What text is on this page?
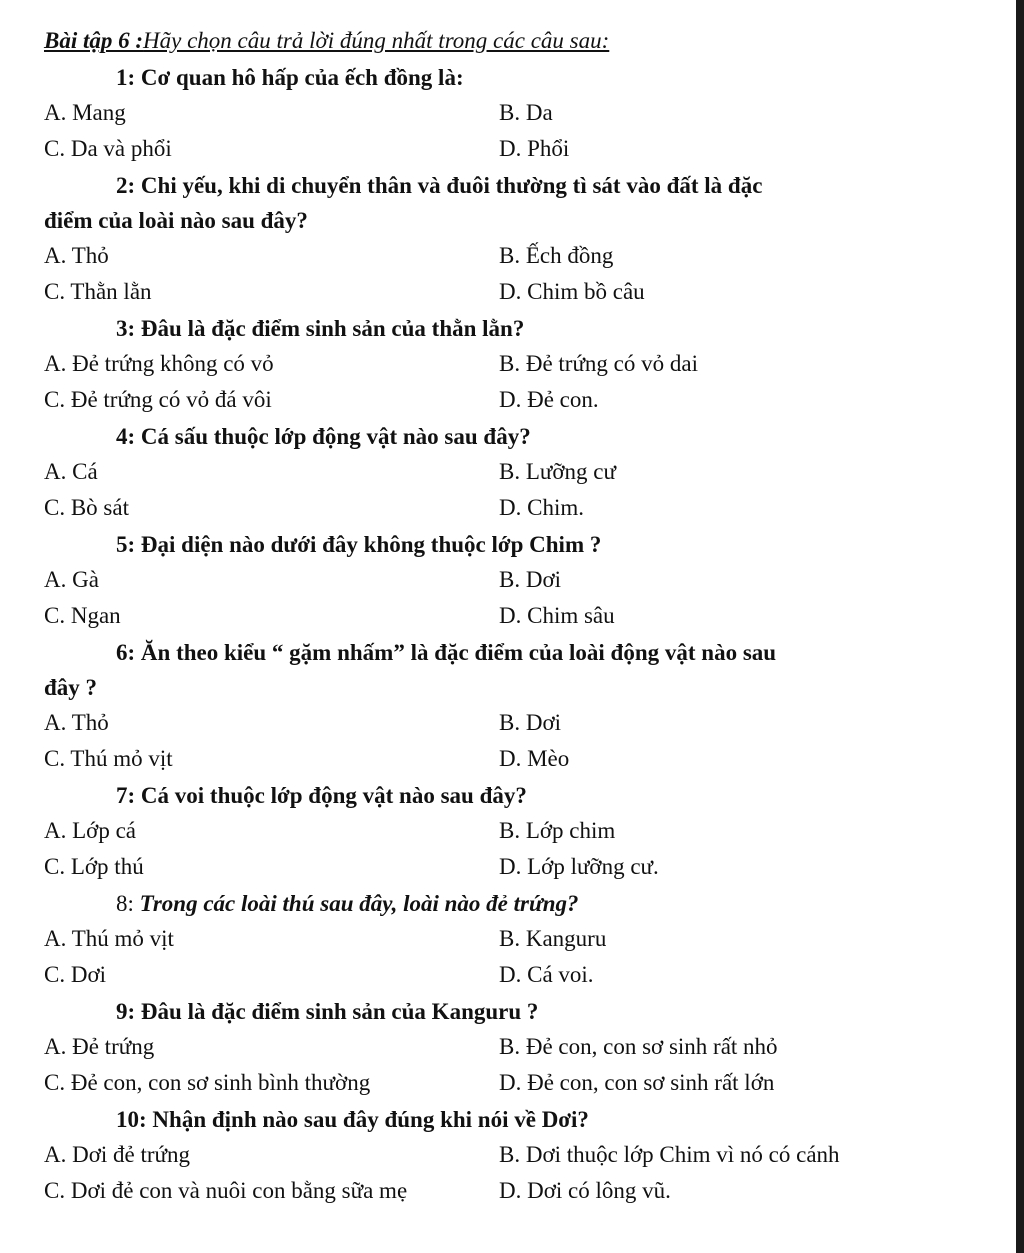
Bài tập 6 :Hãy chọn câu trả lời đúng nhất trong các câu sau:
1: Cơ quan hô hấp của ếch đồng là:
A. Mang	B. Da
C. Da và phổi	D. Phổi
2: Chi yếu, khi di chuyển thân và đuôi thường tì sát vào đất là đặc
điểm của loài nào sau đây?
A. Thỏ	B. Ếch đồng
C. Thằn lằn	D. Chim bồ câu
3: Đâu là đặc điểm sinh sản của thằn lằn?
A. Đẻ trứng không có vỏ	B. Đẻ trứng có vỏ dai
C. Đẻ trứng có vỏ đá vôi	D. Đẻ con.
4: Cá sấu thuộc lớp động vật nào sau đây?
A. Cá	B. Lưỡng cư
C. Bò sát	D. Chim.
5: Đại diện nào dưới đây không thuộc lớp Chim ?
A. Gà	B. Dơi
C. Ngan	D. Chim sâu
6: Ăn theo kiểu “ gặm nhấm” là đặc điểm của loài động vật nào sau
đây ?
A. Thỏ	B. Dơi
C. Thú mỏ vịt	D. Mèo
7: Cá voi thuộc lớp động vật nào sau đây?
A. Lớp cá	B. Lớp chim
C. Lớp thú	D. Lớp lưỡng cư.
8: Trong các loài thú sau đây, loài nào đẻ trứng?
A. Thú mỏ vịt	B. Kanguru
C. Dơi	D. Cá voi.
9: Đâu là đặc điểm sinh sản của Kanguru ?
A. Đẻ trứng	B. Đẻ con, con sơ sinh rất nhỏ
C. Đẻ con, con sơ sinh bình thường	D. Đẻ con, con sơ sinh rất lớn
10: Nhận định nào sau đây đúng khi nói về Dơi?
A. Dơi đẻ trứng	B. Dơi thuộc lớp Chim vì nó có cánh
C. Dơi đẻ con và nuôi con bằng sữa mẹ	D. Dơi có lông vũ.
